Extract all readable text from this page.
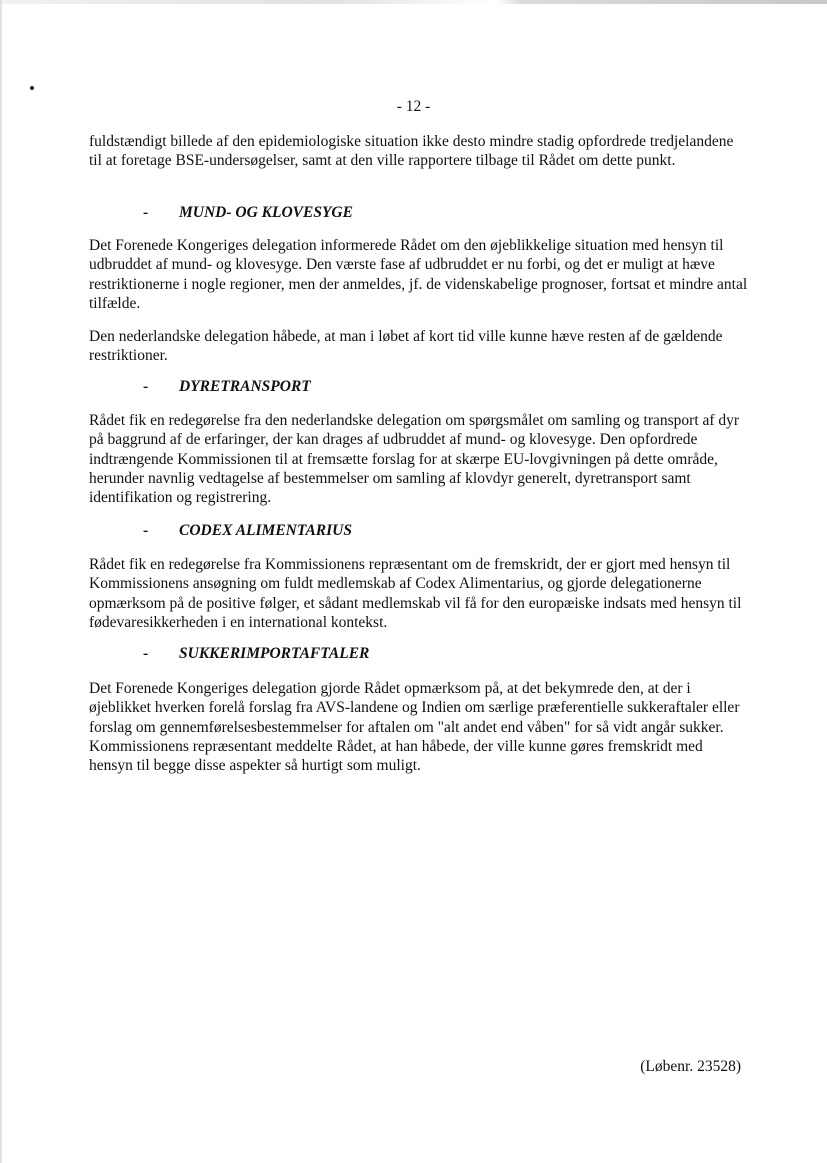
- 12 -

fuldstændigt billede af den epidemiologiske situation ikke desto mindre stadig opfordrede tredjelandene til at foretage BSE-undersøgelser, samt at den ville rapportere tilbage til Rådet om dette punkt.

- MUND- OG KLOVESYGE

Det Forenede Kongeriges delegation informerede Rådet om den øjeblikkelige situation med hensyn til udbruddet af mund- og klovesyge. Den værste fase af udbruddet er nu forbi, og det er muligt at hæve restriktionerne i nogle regioner, men der anmeldes, jf. de videnskabelige prognoser, fortsat et mindre antal tilfælde.

Den nederlandske delegation håbede, at man i løbet af kort tid ville kunne hæve resten af de gældende restriktioner.

- DYRETRANSPORT

Rådet fik en redegørelse fra den nederlandske delegation om spørgsmålet om samling og transport af dyr på baggrund af de erfaringer, der kan drages af udbruddet af mund- og klovesyge. Den opfordrede indtrængende Kommissionen til at fremsætte forslag for at skærpe EU-lovgivningen på dette område, herunder navnlig vedtagelse af bestemmelser om samling af klovdyr generelt, dyretransport samt identifikation og registrering.

- CODEX ALIMENTARIUS

Rådet fik en redegørelse fra Kommissionens repræsentant om de fremskridt, der er gjort med hensyn til Kommissionens ansøgning om fuldt medlemskab af Codex Alimentarius, og gjorde delegationerne opmærksom på de positive følger, et sådant medlemskab vil få for den europæiske indsats med hensyn til fødevaresikkerheden i en international kontekst.

- SUKKERIMPORTAFTALER

Det Forenede Kongeriges delegation gjorde Rådet opmærksom på, at det bekymrede den, at der i øjeblikket hverken forelå forslag fra AVS-landene og Indien om særlige præferentielle sukkeraftaler eller forslag om gennemførelsesbestemmelser for aftalen om "alt andet end våben" for så vidt angår sukker. Kommissionens repræsentant meddelte Rådet, at han håbede, der ville kunne gøres fremskridt med hensyn til begge disse aspekter så hurtigt som muligt.

(Løbenr. 23528)
